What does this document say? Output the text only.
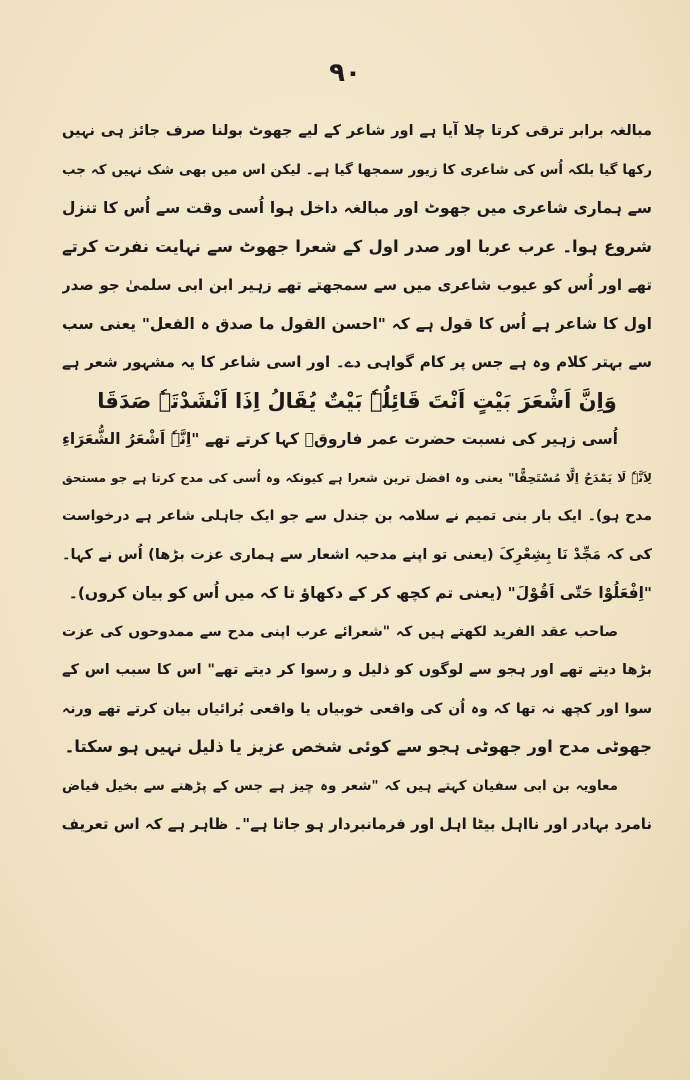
۹۰
مبالغہ برابر ترقی کرتا چلا آیا ہے اور شاعر کے لیے جھوٹ بولنا صرف جائز ہی نہیں
رکھا گیا بلکہ اُس کی شاعری کا زیور سمجھا گیا ہے۔ لیکن اس میں بھی شک نہیں کہ جب
سے ہماری شاعری میں جھوٹ اور مبالغہ داخل ہوا اُسی وقت سے اُس کا تنزل
شروع ہوا۔ عرب عربا اور صدر اول کے شعرا جھوٹ سے نہایت نفرت کرتے
تھے اور اُس کو عیوب شاعری میں سے سمجھتے تھے زہیر ابن ابی سلمیٰ جو صدر
اول کا شاعر ہے اُس کا قول ہے کہ "احسن القول ما صدق ہ الفعل" یعنی سب
سے بہتر کلام وہ ہے جس پر کام گواہی دے۔ اور اسی شاعر کا یہ مشہور شعر ہے
وَاِنَّ اَشْعَرَ بَیْتٍ اَنْتَ قَائِلُہٗ بَیْتٌ یُقَالُ اِذَا اَنْشَدْتَہٗ صَدَقَا
اُسی زہیر کی نسبت حضرت عمر فاروقؓ کہا کرتے تھے "اِنَّہٗ اَشْعَرُ الشُّعَرَاءِ
لِاَنَّہٗ لَا یَمْدَحُ اِلَّا مُسْتَحِقًّا" یعنی وہ افضل ترین شعرا ہے کیونکہ وہ اُسی کی مدح کرتا ہے جو مستحق
مدح ہو)۔ ایک بار بنی تمیم نے سلامہ بن جندل سے جو ایک جاہلی شاعر ہے درخواست
کی کہ مَجِّدْ نَا بِشِعْرِکَ (یعنی تو اپنے مدحیہ اشعار سے ہماری عزت بڑھا) اُس نے کہا۔
"اِفْعَلُوْا حَتّٰی اَقُوْلَ" (یعنی تم کچھ کر کے دکھاؤ تا کہ میں اُس کو بیان کروں)۔
صاحب عقد الفرید لکھتے ہیں کہ "شعرائے عرب اپنی مدح سے ممدوحوں کی عزت
بڑھا دیتے تھے اور ہجو سے لوگوں کو ذلیل و رسوا کر دیتے تھے" اس کا سبب اس کے
سوا اور کچھ نہ تھا کہ وہ اُن کی واقعی خوبیاں یا واقعی بُرائیاں بیان کرتے تھے ورنہ
جھوٹی مدح اور جھوٹی ہجو سے کوئی شخص عزیز یا ذلیل نہیں ہو سکتا۔
معاویہ بن ابی سفیان کہتے ہیں کہ "شعر وہ چیز ہے جس کے پڑھنے سے بخیل فیاض
نامرد بہادر اور نااہل بیٹا اہل اور فرمانبردار ہو جاتا ہے"۔ ظاہر ہے کہ اس تعریف
